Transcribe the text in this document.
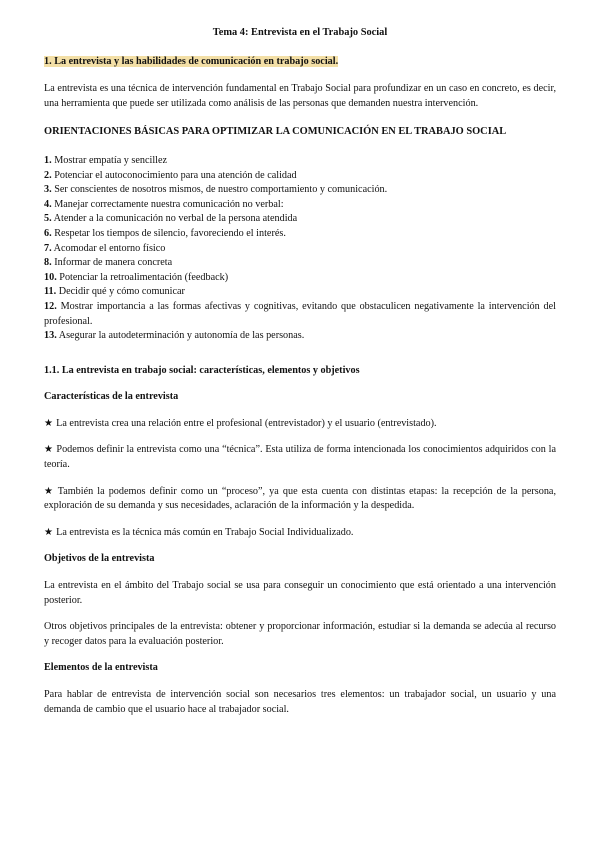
Tema 4: Entrevista en el Trabajo Social
1. La entrevista y las habilidades de comunicación en trabajo social.

La entrevista es una técnica de intervención fundamental en Trabajo Social para profundizar en un caso en concreto, es decir, una herramienta que puede ser utilizada como análisis de las personas que demanden nuestra intervención.

ORIENTACIONES BÁSICAS PARA OPTIMIZAR LA COMUNICACIÓN EN EL TRABAJO SOCIAL
1. Mostrar empatía y sencillez
2. Potenciar el autoconocimiento para una atención de calidad
3. Ser conscientes de nosotros mismos, de nuestro comportamiento y comunicación.
4. Manejar correctamente nuestra comunicación no verbal:
5. Atender a la comunicación no verbal de la persona atendida
6. Respetar los tiempos de silencio, favoreciendo el interés.
7. Acomodar el entorno físico
8. Informar de manera concreta
10. Potenciar la retroalimentación (feedback)
11. Decidir qué y cómo comunicar
12. Mostrar importancia a las formas afectivas y cognitivas, evitando que obstaculicen negativamente la intervención del profesional.
13. Asegurar la autodeterminación y autonomía de las personas.
1.1. La entrevista en trabajo social: características, elementos y objetivos
Características de la entrevista

★ La entrevista crea una relación entre el profesional (entrevistador) y el usuario (entrevistado).

★ Podemos definir la entrevista como una “técnica”. Esta utiliza de forma intencionada los conocimientos adquiridos con la teoría.

★ También la podemos definir como un “proceso”, ya que esta cuenta con distintas etapas: la recepción de la persona, exploración de su demanda y sus necesidades, aclaración de la información y la despedida.

★ La entrevista es la técnica más común en Trabajo Social Individualizado.

Objetivos de la entrevista

La entrevista en el ámbito del Trabajo social se usa para conseguir un conocimiento que está orientado a una intervención posterior.

Otros objetivos principales de la entrevista: obtener y proporcionar información, estudiar si la demanda se adecúa al recurso y recoger datos para la evaluación posterior.

Elementos de la entrevista

Para hablar de entrevista de intervención social son necesarios tres elementos: un trabajador social, un usuario y una demanda de cambio que el usuario hace al trabajador social.
